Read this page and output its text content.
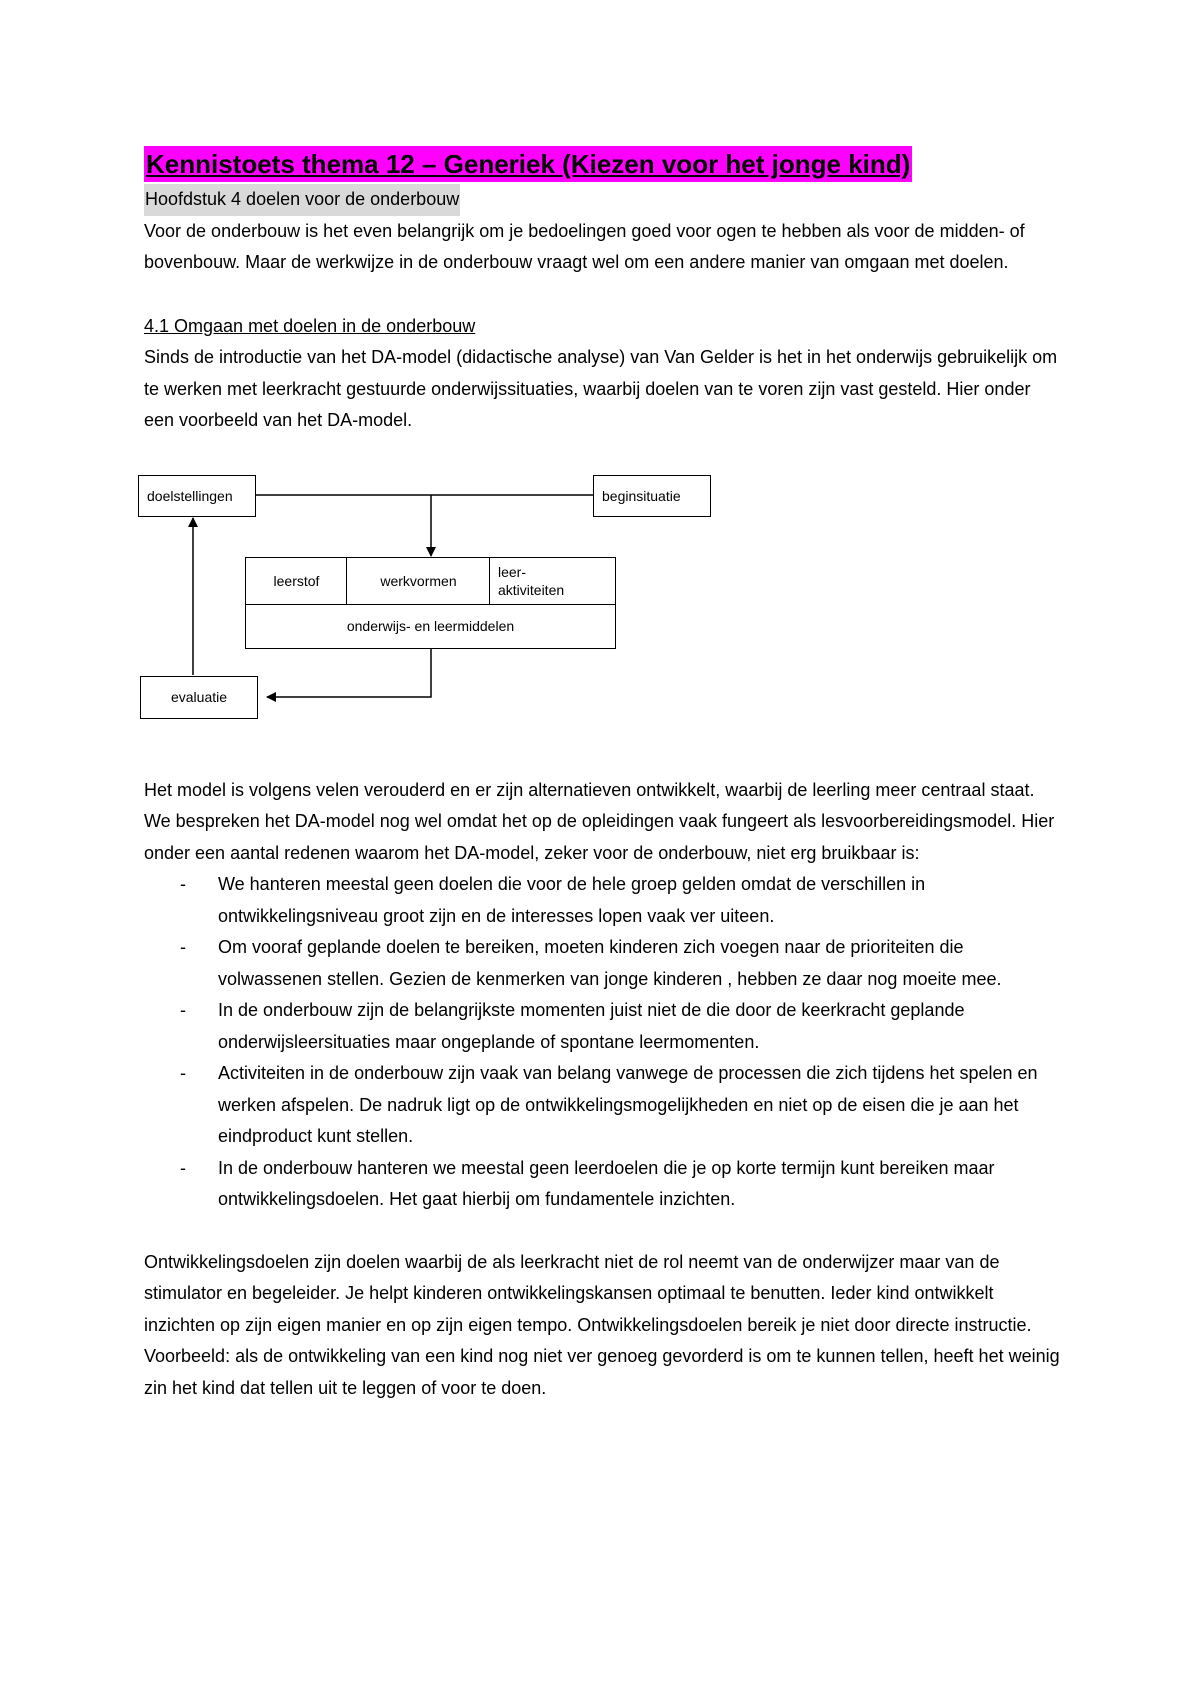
Kennistoets thema 12 – Generiek (Kiezen voor het jonge kind)

Hoofdstuk 4 doelen voor de onderbouw

Voor de onderbouw is het even belangrijk om je bedoelingen goed voor ogen te hebben als voor de midden- of bovenbouw. Maar de werkwijze in de onderbouw vraagt wel om een andere manier van omgaan met doelen.

4.1 Omgaan met doelen in de onderbouw

Sinds de introductie van het DA-model (didactische analyse) van Van Gelder is het in het onderwijs gebruikelijk om te werken met leerkracht gestuurde onderwijssituaties, waarbij doelen van te voren zijn vast gesteld. Hier onder een voorbeeld van het DA-model.

doelstellingen	beginsituatie
leerstof	werkvormen
leer-
aktiviteiten
onderwijs- en leermiddelen
evaluatie

Het model is volgens velen verouderd en er zijn alternatieven ontwikkelt, waarbij de leerling meer centraal staat. We bespreken het DA-model nog wel omdat het op de opleidingen vaak fungeert als lesvoorbereidingsmodel. Hier onder een aantal redenen waarom het DA-model, zeker voor de onderbouw, niet erg bruikbaar is:

- We hanteren meestal geen doelen die voor de hele groep gelden omdat de verschillen in ontwikkelingsniveau groot zijn en de interesses lopen vaak ver uiteen.
- Om vooraf geplande doelen te bereiken, moeten kinderen zich voegen naar de prioriteiten die volwassenen stellen. Gezien de kenmerken van jonge kinderen , hebben ze daar nog moeite mee.
- In de onderbouw zijn de belangrijkste momenten juist niet de die door de keerkracht geplande onderwijsleersituaties maar ongeplande of spontane leermomenten.
- Activiteiten in de onderbouw zijn vaak van belang vanwege de processen die zich tijdens het spelen en werken afspelen. De nadruk ligt op de ontwikkelingsmogelijkheden en niet op de eisen die je aan het eindproduct kunt stellen.
- In de onderbouw hanteren we meestal geen leerdoelen die je op korte termijn kunt bereiken maar ontwikkelingsdoelen. Het gaat hierbij om fundamentele inzichten.

Ontwikkelingsdoelen zijn doelen waarbij de als leerkracht niet de rol neemt van de onderwijzer maar van de stimulator en begeleider. Je helpt kinderen ontwikkelingskansen optimaal te benutten. Ieder kind ontwikkelt inzichten op zijn eigen manier en op zijn eigen tempo. Ontwikkelingsdoelen bereik je niet door directe instructie. Voorbeeld: als de ontwikkeling van een kind nog niet ver genoeg gevorderd is om te kunnen tellen, heeft het weinig zin het kind dat tellen uit te leggen of voor te doen.
